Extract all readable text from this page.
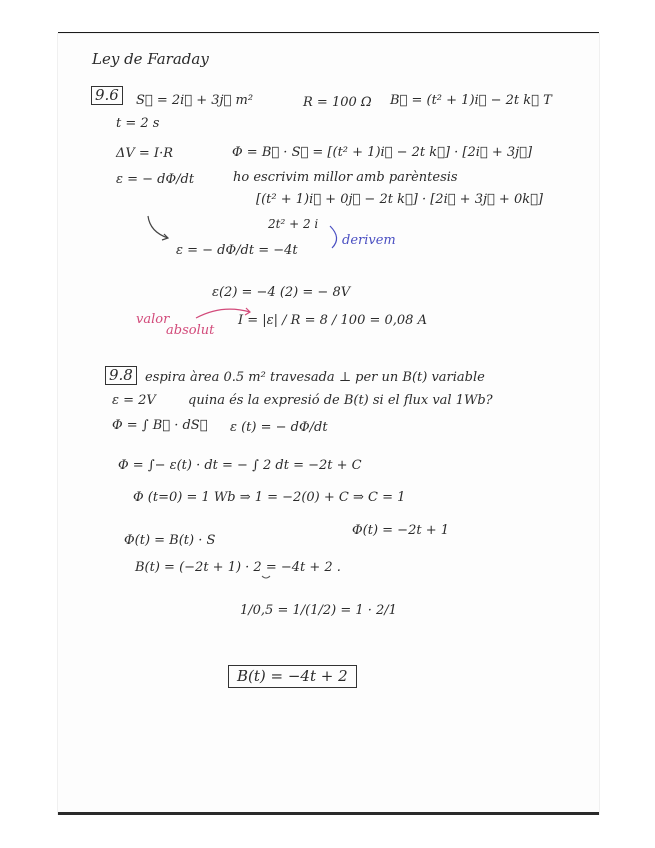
Ley de Faraday
9.6	S⃗ = 2i⃗ + 3j⃗ m²	R = 100 Ω B⃗ = (t² + 1)i⃗ − 2t k⃗ T
t = 2 s
ΔV = I·R	Φ = B⃗ · S⃗ = [(t² + 1)i⃗ − 2t k⃗] · [2i⃗ + 3j⃗]
ε = − dΦ/dt	ho escrivim millor amb parèntesis
[(t² + 1)i⃗ + 0j⃗ − 2t k⃗] · [2i⃗ + 3j⃗ + 0k⃗]
2t² + 2 i
derivem
ε = − dΦ/dt = −4t
ε(2) = −4 (2) = − 8V
valor
absolut
I = |ε| / R = 8 / 100 = 0,08 A
9.8 espira àrea 0.5 m² travesada ⊥ per un B(t) variable
ε = 2V quina és la expresió de B(t) si el flux val 1Wb?
Φ = ∫ B⃗ · dS⃗ ε (t) = − dΦ/dt
Φ = ∫− ε(t) · dt = − ∫ 2 dt = −2t + C
Φ (t=0) = 1 Wb ⇒ 1 = −2(0) + C ⇒ C = 1
Φ(t) = B(t) · S
Φ(t) = −2t + 1
B(t) = (−2t + 1) · 2 = −4t + 2 .
1/0,5 = 1/(1/2) = 1 · 2/1
B(t) = −4t + 2
